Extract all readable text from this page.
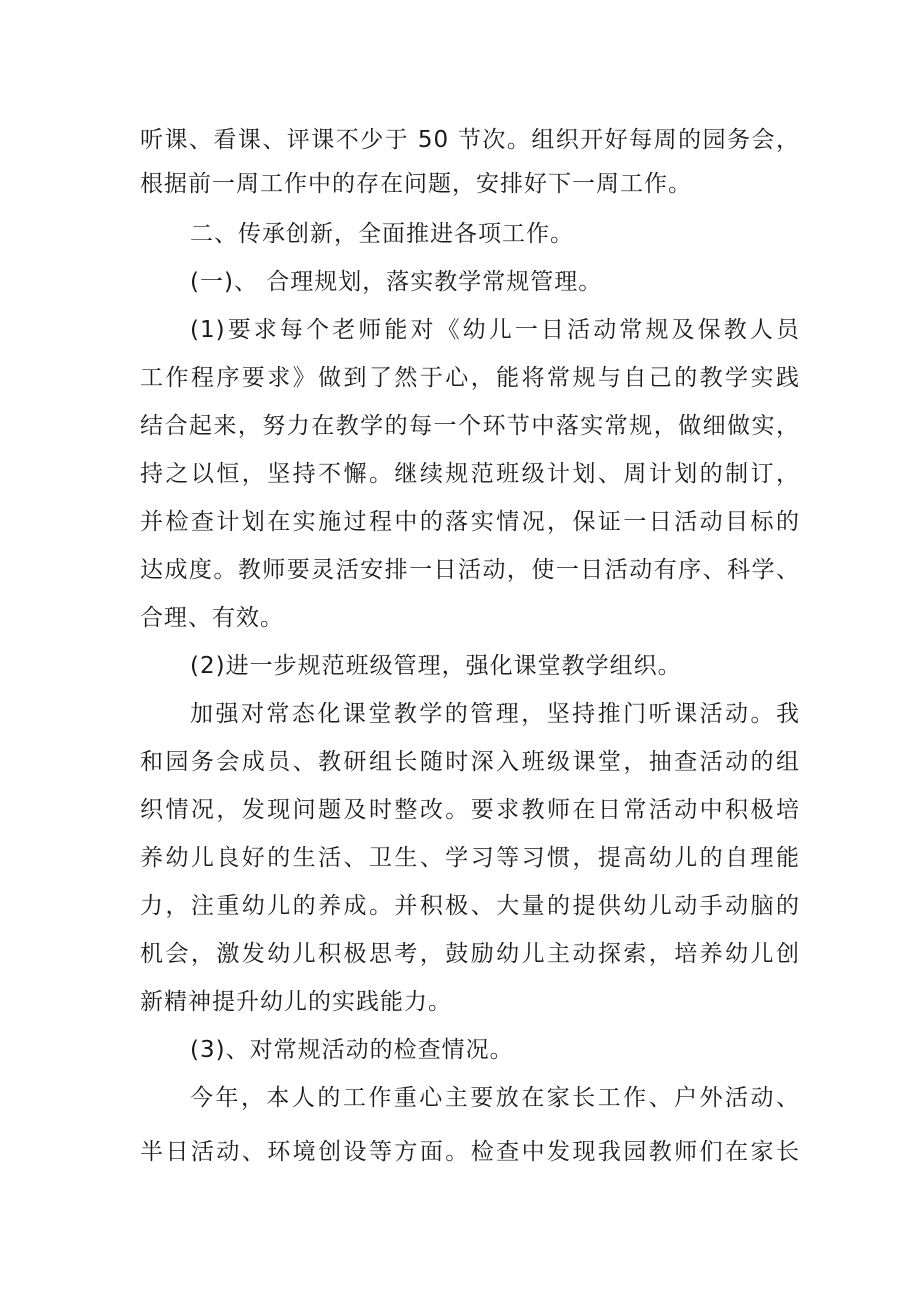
听课、看课、评课不少于 50 节次。组织开好每周的园务会，
根据前一周工作中的存在问题，安排好下一周工作。
二、传承创新，全面推进各项工作。
(一)、 合理规划，落实教学常规管理。
(1)要求每个老师能对《幼儿一日活动常规及保教人员
工作程序要求》做到了然于心，能将常规与自己的教学实践
结合起来，努力在教学的每一个环节中落实常规，做细做实，
持之以恒，坚持不懈。继续规范班级计划、周计划的制订，
并检查计划在实施过程中的落实情况，保证一日活动目标的
达成度。教师要灵活安排一日活动，使一日活动有序、科学、
合理、有效。
(2)进一步规范班级管理，强化课堂教学组织。
加强对常态化课堂教学的管理，坚持推门听课活动。我
和园务会成员、教研组长随时深入班级课堂，抽查活动的组
织情况，发现问题及时整改。要求教师在日常活动中积极培
养幼儿良好的生活、卫生、学习等习惯，提高幼儿的自理能
力，注重幼儿的养成。并积极、大量的提供幼儿动手动脑的
机会，激发幼儿积极思考，鼓励幼儿主动探索，培养幼儿创
新精神提升幼儿的实践能力。
(3)、对常规活动的检查情况。
今年，本人的工作重心主要放在家长工作、户外活动、
半日活动、环境创设等方面。检查中发现我园教师们在家长
